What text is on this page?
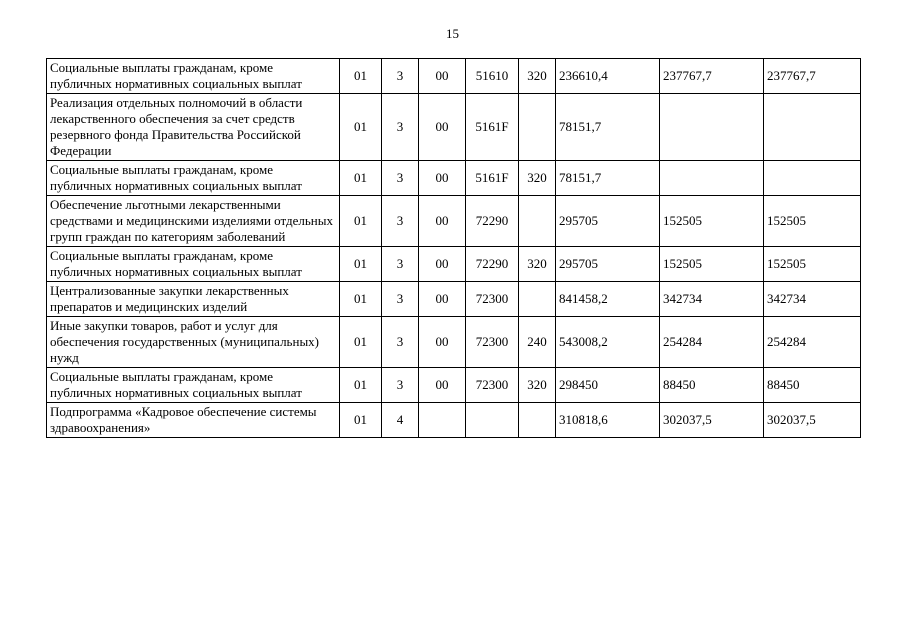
15
Социальные выплаты гражданам, кроме публичных нормативных социальных выплат	01	3	00	51610	320	236610,4	237767,7	237767,7
Реализация отдельных полномочий в области лекарственного обеспечения за счет средств резервного фонда Правительства Российской Федерации	01	3	00	5161F		78151,7		
Социальные выплаты гражданам, кроме публичных нормативных социальных выплат	01	3	00	5161F	320	78151,7		
Обеспечение льготными лекарственными средствами и медицинскими изделиями отдельных групп граждан по категориям заболеваний	01	3	00	72290		295705	152505	152505
Социальные выплаты гражданам, кроме публичных нормативных социальных выплат	01	3	00	72290	320	295705	152505	152505
Централизованные закупки лекарственных препаратов и медицинских изделий	01	3	00	72300		841458,2	342734	342734
Иные закупки товаров, работ и услуг для обеспечения государственных (муниципальных) нужд	01	3	00	72300	240	543008,2	254284	254284
Социальные выплаты гражданам, кроме публичных нормативных социальных выплат	01	3	00	72300	320	298450	88450	88450
Подпрограмма «Кадровое обеспечение системы здравоохранения»	01	4				310818,6	302037,5	302037,5
